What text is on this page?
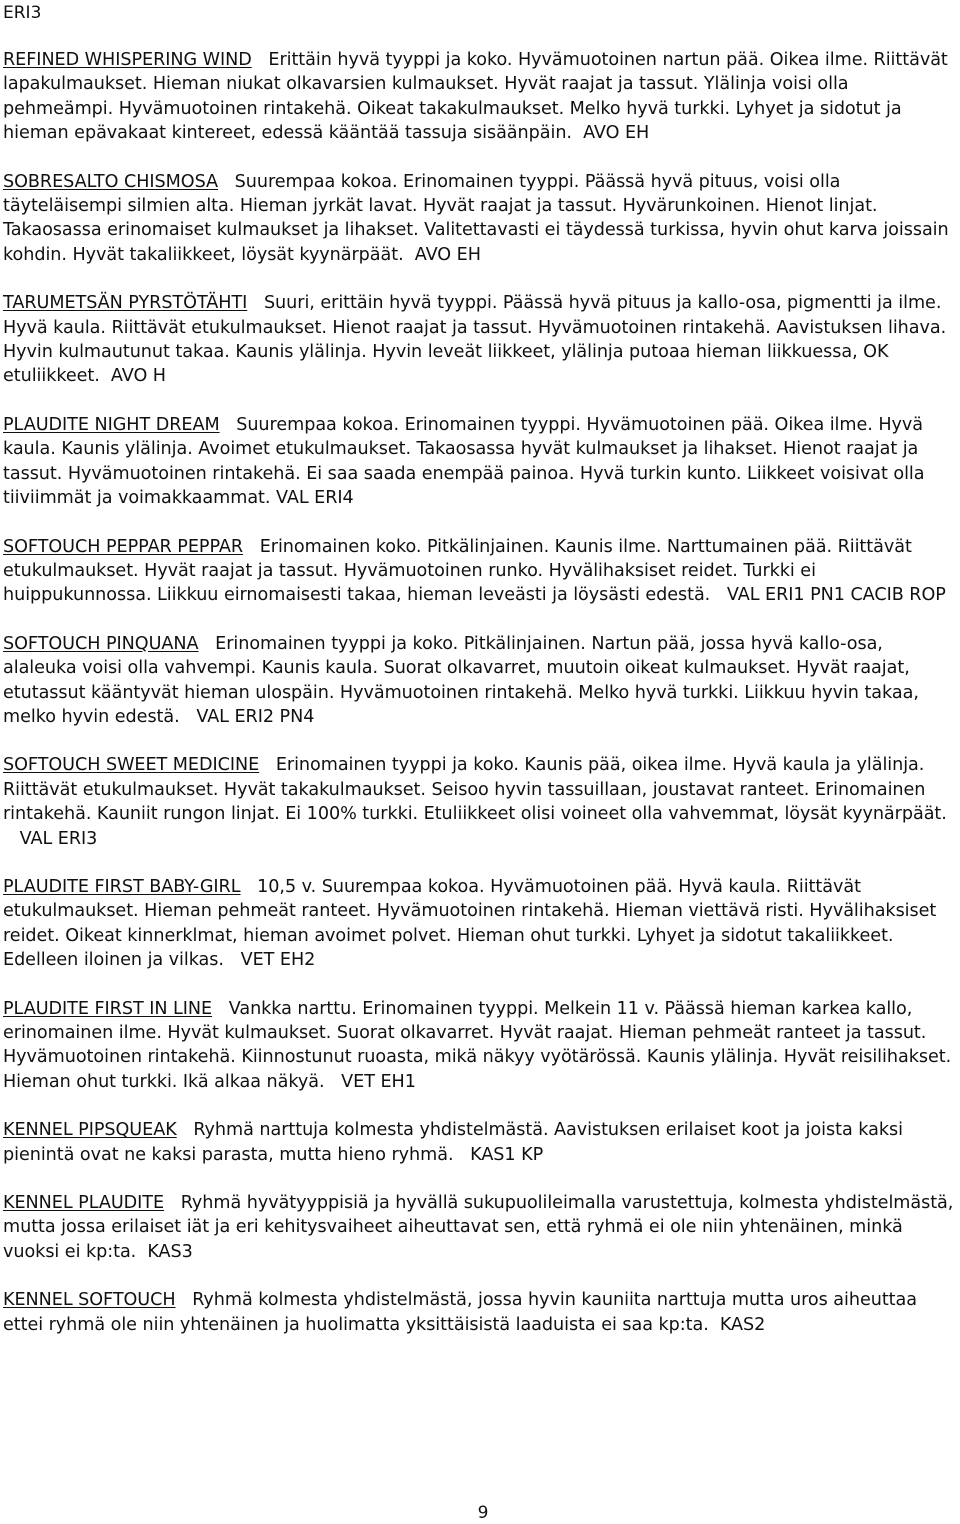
ERI3

REFINED WHISPERING WIND Erittäin hyvä tyyppi ja koko. Hyvämuotoinen nartun pää. Oikea ilme. Riittävät lapakulmaukset. Hieman niukat olkavarsien kulmaukset. Hyvät raajat ja tassut. Ylälinja voisi olla pehmeämpi. Hyvämuotoinen rintakehä. Oikeat takakulmaukset. Melko hyvä turkki. Lyhyet ja sidotut ja hieman epävakaat kintereet, edessä kääntää tassuja sisäänpäin. AVO EH

SOBRESALTO CHISMOSA Suurempaa kokoa. Erinomainen tyyppi. Päässä hyvä pituus, voisi olla täyteläisempi silmien alta. Hieman jyrkät lavat. Hyvät raajat ja tassut. Hyvärunkoinen. Hienot linjat. Takaosassa erinomaiset kulmaukset ja lihakset. Valitettavasti ei täydessä turkissa, hyvin ohut karva joissain kohdin. Hyvät takaliikkeet, löysät kyynärpäät. AVO EH

TARUMETSÄN PYRSTÖTÄHTI Suuri, erittäin hyvä tyyppi. Päässä hyvä pituus ja kallo-osa, pigmentti ja ilme. Hyvä kaula. Riittävät etukulmaukset. Hienot raajat ja tassut. Hyvämuotoinen rintakehä. Aavistuksen lihava. Hyvin kulmautunut takaa. Kaunis ylälinja. Hyvin leveät liikkeet, ylälinja putoaa hieman liikkuessa, OK etuliikkeet. AVO H

PLAUDITE NIGHT DREAM Suurempaa kokoa. Erinomainen tyyppi. Hyvämuotoinen pää. Oikea ilme. Hyvä kaula. Kaunis ylälinja. Avoimet etukulmaukset. Takaosassa hyvät kulmaukset ja lihakset. Hienot raajat ja tassut. Hyvämuotoinen rintakehä. Ei saa saada enempää painoa. Hyvä turkin kunto. Liikkeet voisivat olla tiiviimmät ja voimakkaammat. VAL ERI4

SOFTOUCH PEPPAR PEPPAR Erinomainen koko. Pitkälinjainen. Kaunis ilme. Narttumainen pää. Riittävät etukulmaukset. Hyvät raajat ja tassut. Hyvämuotoinen runko. Hyvälihaksiset reidet. Turkki ei huippukunnossa. Liikkuu eirnomaisesti takaa, hieman leveästi ja löysästi edestä. VAL ERI1 PN1 CACIB ROP

SOFTOUCH PINQUANA Erinomainen tyyppi ja koko. Pitkälinjainen. Nartun pää, jossa hyvä kallo-osa, alaleuka voisi olla vahvempi. Kaunis kaula. Suorat olkavarret, muutoin oikeat kulmaukset. Hyvät raajat, etutassut kääntyvät hieman ulospäin. Hyvämuotoinen rintakehä. Melko hyvä turkki. Liikkuu hyvin takaa, melko hyvin edestä. VAL ERI2 PN4

SOFTOUCH SWEET MEDICINE Erinomainen tyyppi ja koko. Kaunis pää, oikea ilme. Hyvä kaula ja ylälinja. Riittävät etukulmaukset. Hyvät takakulmaukset. Seisoo hyvin tassuillaan, joustavat ranteet. Erinomainen rintakehä. Kauniit rungon linjat. Ei 100% turkki. Etuliikkeet olisi voineet olla vahvemmat, löysät kyynärpäät.   VAL ERI3

PLAUDITE FIRST BABY-GIRL 10,5 v. Suurempaa kokoa. Hyvämuotoinen pää. Hyvä kaula. Riittävät etukulmaukset. Hieman pehmeät ranteet. Hyvämuotoinen rintakehä. Hieman viettävä risti. Hyvälihaksiset reidet. Oikeat kinnerklmat, hieman avoimet polvet. Hieman ohut turkki. Lyhyet ja sidotut takaliikkeet. Edelleen iloinen ja vilkas. VET EH2

PLAUDITE FIRST IN LINE Vankka narttu. Erinomainen tyyppi. Melkein 11 v. Päässä hieman karkea kallo, erinomainen ilme. Hyvät kulmaukset. Suorat olkavarret. Hyvät raajat. Hieman pehmeät ranteet ja tassut. Hyvämuotoinen rintakehä. Kiinnostunut ruoasta, mikä näkyy vyötärössä. Kaunis ylälinja. Hyvät reisilihakset. Hieman ohut turkki. Ikä alkaa näkyä. VET EH1

KENNEL PIPSQUEAK Ryhmä narttuja kolmesta yhdistelmästä. Aavistuksen erilaiset koot ja joista kaksi pienintä ovat ne kaksi parasta, mutta hieno ryhmä. KAS1 KP

KENNEL PLAUDITE Ryhmä hyvätyyppisiä ja hyvällä sukupuolileimalla varustettuja, kolmesta yhdistelmästä, mutta jossa erilaiset iät ja eri kehitysvaiheet aiheuttavat sen, että ryhmä ei ole niin yhtenäinen, minkä vuoksi ei kp:ta. KAS3

KENNEL SOFTOUCH Ryhmä kolmesta yhdistelmästä, jossa hyvin kauniita narttuja mutta uros aiheuttaa ettei ryhmä ole niin yhtenäinen ja huolimatta yksittäisistä laaduista ei saa kp:ta. KAS2

9
